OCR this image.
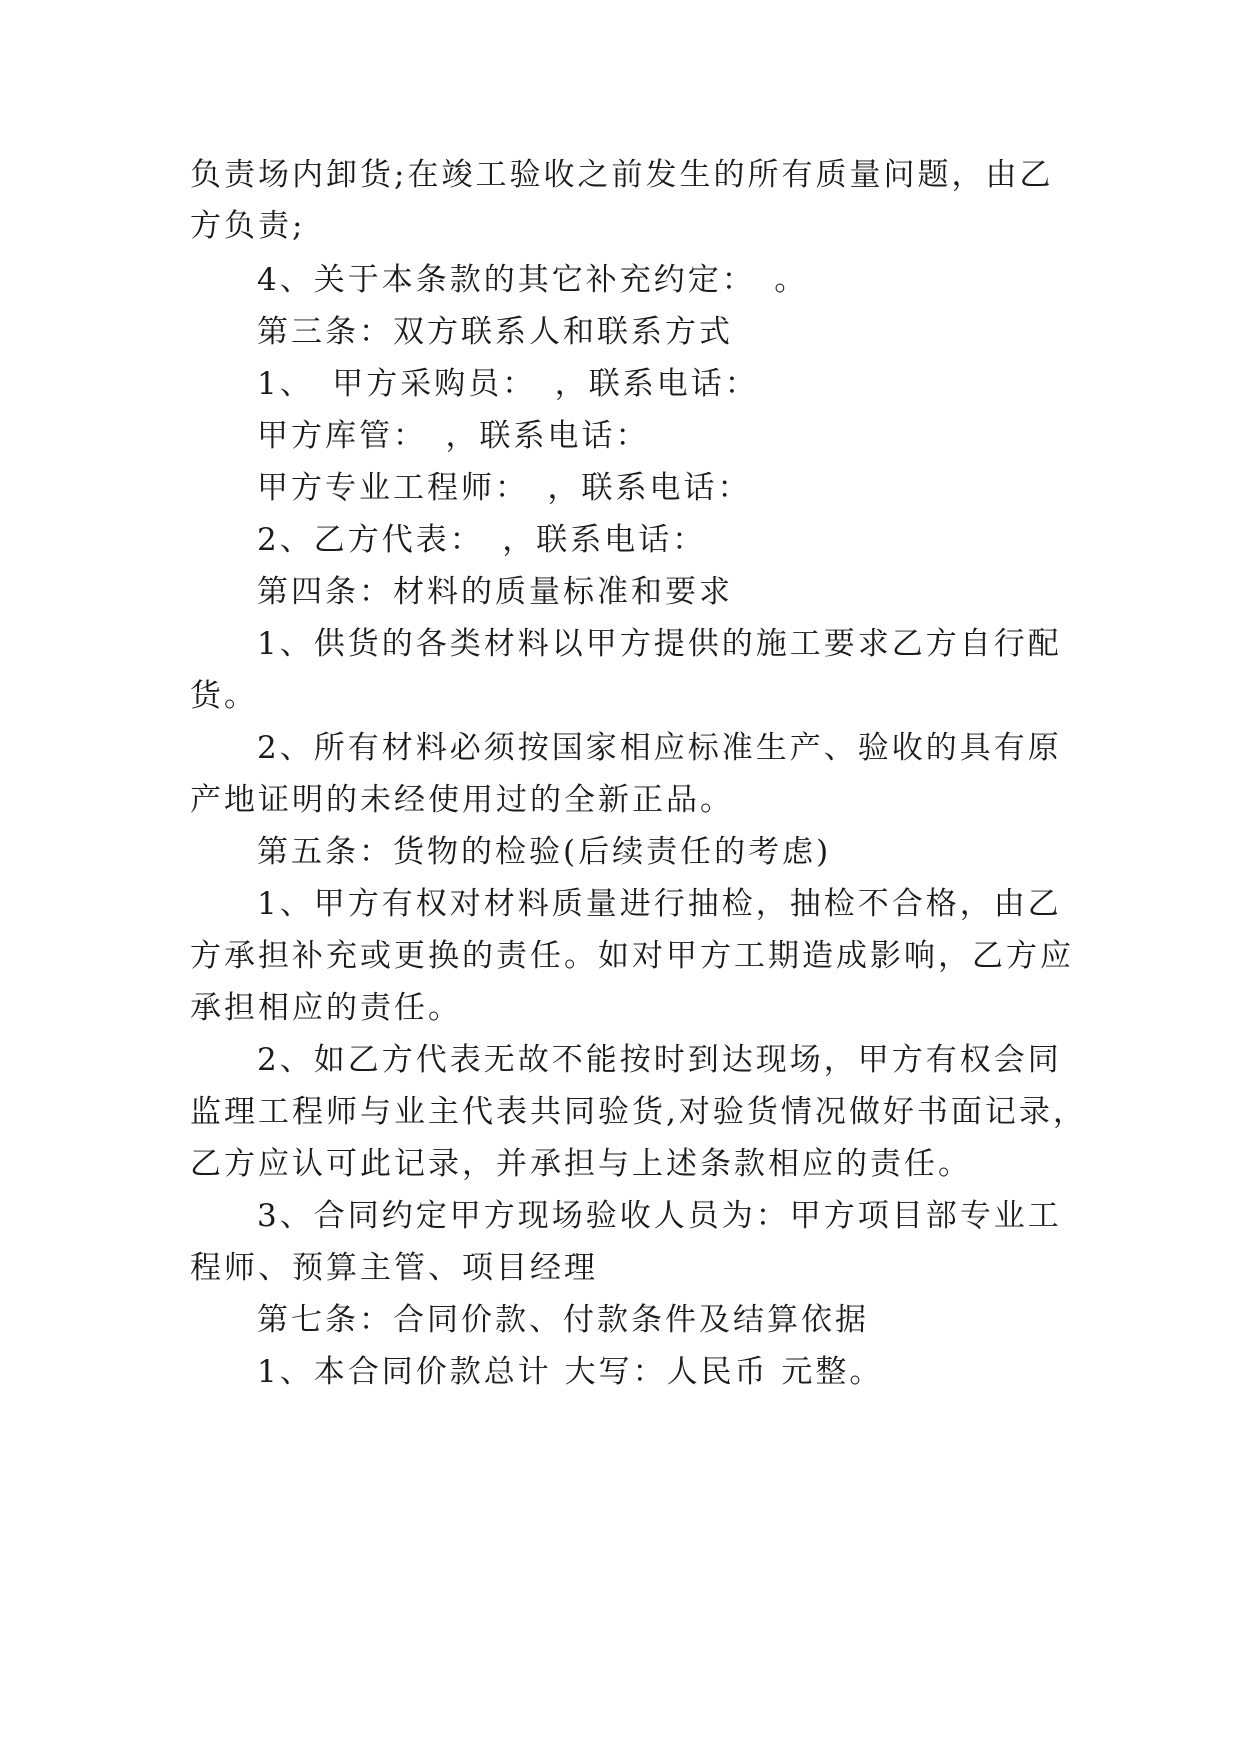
负责场内卸货;在竣工验收之前发生的所有质量问题，由乙
方负责;
4、关于本条款的其它补充约定：　。
第三条：双方联系人和联系方式
1、　甲方采购员：　，联系电话：
甲方库管：　，联系电话：
甲方专业工程师：　，联系电话：
2、乙方代表：　，联系电话：
第四条：材料的质量标准和要求
1、供货的各类材料以甲方提供的施工要求乙方自行配
货。
2、所有材料必须按国家相应标准生产、验收的具有原
产地证明的未经使用过的全新正品。
第五条：货物的检验(后续责任的考虑)
1、甲方有权对材料质量进行抽检，抽检不合格，由乙
方承担补充或更换的责任。如对甲方工期造成影响，乙方应
承担相应的责任。
2、如乙方代表无故不能按时到达现场，甲方有权会同
监理工程师与业主代表共同验货,对验货情况做好书面记录，
乙方应认可此记录，并承担与上述条款相应的责任。
3、合同约定甲方现场验收人员为：甲方项目部专业工
程师、预算主管、项目经理
第七条：合同价款、付款条件及结算依据
1、本合同价款总计 大写：人民币 元整。
